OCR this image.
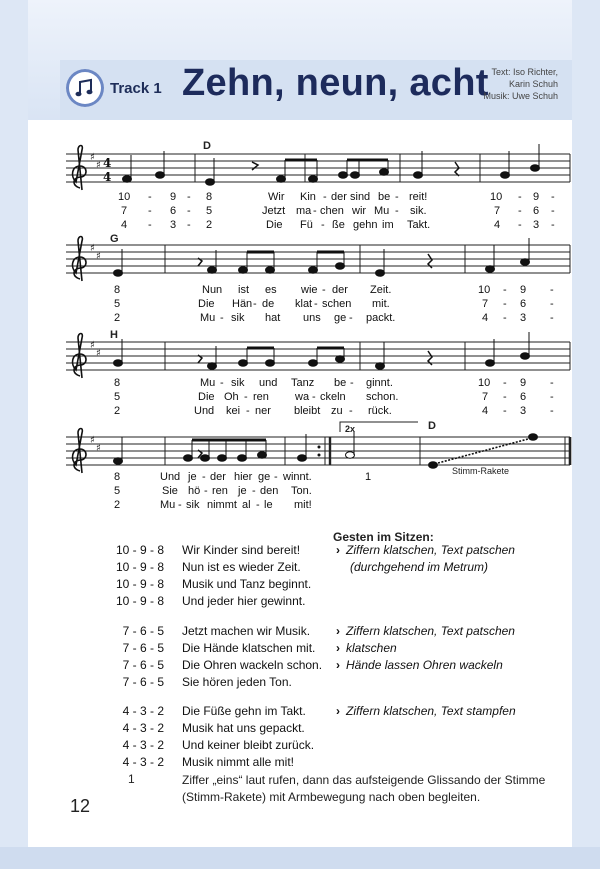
Track 1 Zehn, neun, acht Text: Iso Richter,
Karin Schuh
Musik: Uwe Schuh
♯
♯
♯
♯
♯
♯
♯
♯
4
4
D
G
H
2x	D
Stimm-Rakete
1
10 - 9 - 8	Wir Kin - der sind be - reit!	10 - 9 -
7 - 6 - 5	Jetzt ma - chen wir Mu - sik.	7 - 6 -
4 - 3 - 2	Die Fü - ße gehn im Takt.	4 - 3 -
8	Nun ist es wie - der Zeit.	10 - 9 -
5	Die Hän - de klat - schen mit.	7 - 6 -
2	Mu - sik hat uns ge - packt.	4 - 3 -
8	Mu - sik und Tanz be - ginnt.	10 - 9 -
5	Die Oh - ren wa - ckeln schon.	7 - 6 -
2	Und kei - ner bleibt zu - rück.	4 - 3 -
8	Und je - der hier ge - winnt.
5	Sie hö - ren je - den Ton.
2	Mu - sik nimmt al - le mit!
Gesten im Sitzen:
10 - 9 - 8 Wir Kinder sind bereit!	› Ziffern klatschen, Text patschen
10 - 9 - 8 Nun ist es wieder Zeit.	(durchgehend im Metrum)
10 - 9 - 8 Musik und Tanz beginnt.
10 - 9 - 8 Und jeder hier gewinnt.
7 - 6 - 5 Jetzt machen wir Musik. › Ziffern klatschen, Text patschen
7 - 6 - 5 Die Hände klatschen mit. › klatschen
7 - 6 - 5 Die Ohren wackeln schon. › Hände lassen Ohren wackeln
7 - 6 - 5 Sie hören jeden Ton.
4 - 3 - 2 Die Füße gehn im Takt.	› Ziffern klatschen, Text stampfen
4 - 3 - 2 Musik hat uns gepackt.
4 - 3 - 2 Und keiner bleibt zurück.
4 - 3 - 2 Musik nimmt alle mit!
1	Ziffer „eins“ laut rufen, dann das aufsteigende Glissando der Stimme (Stimm-Rakete) mit Armbewegung nach oben begleiten.
12
